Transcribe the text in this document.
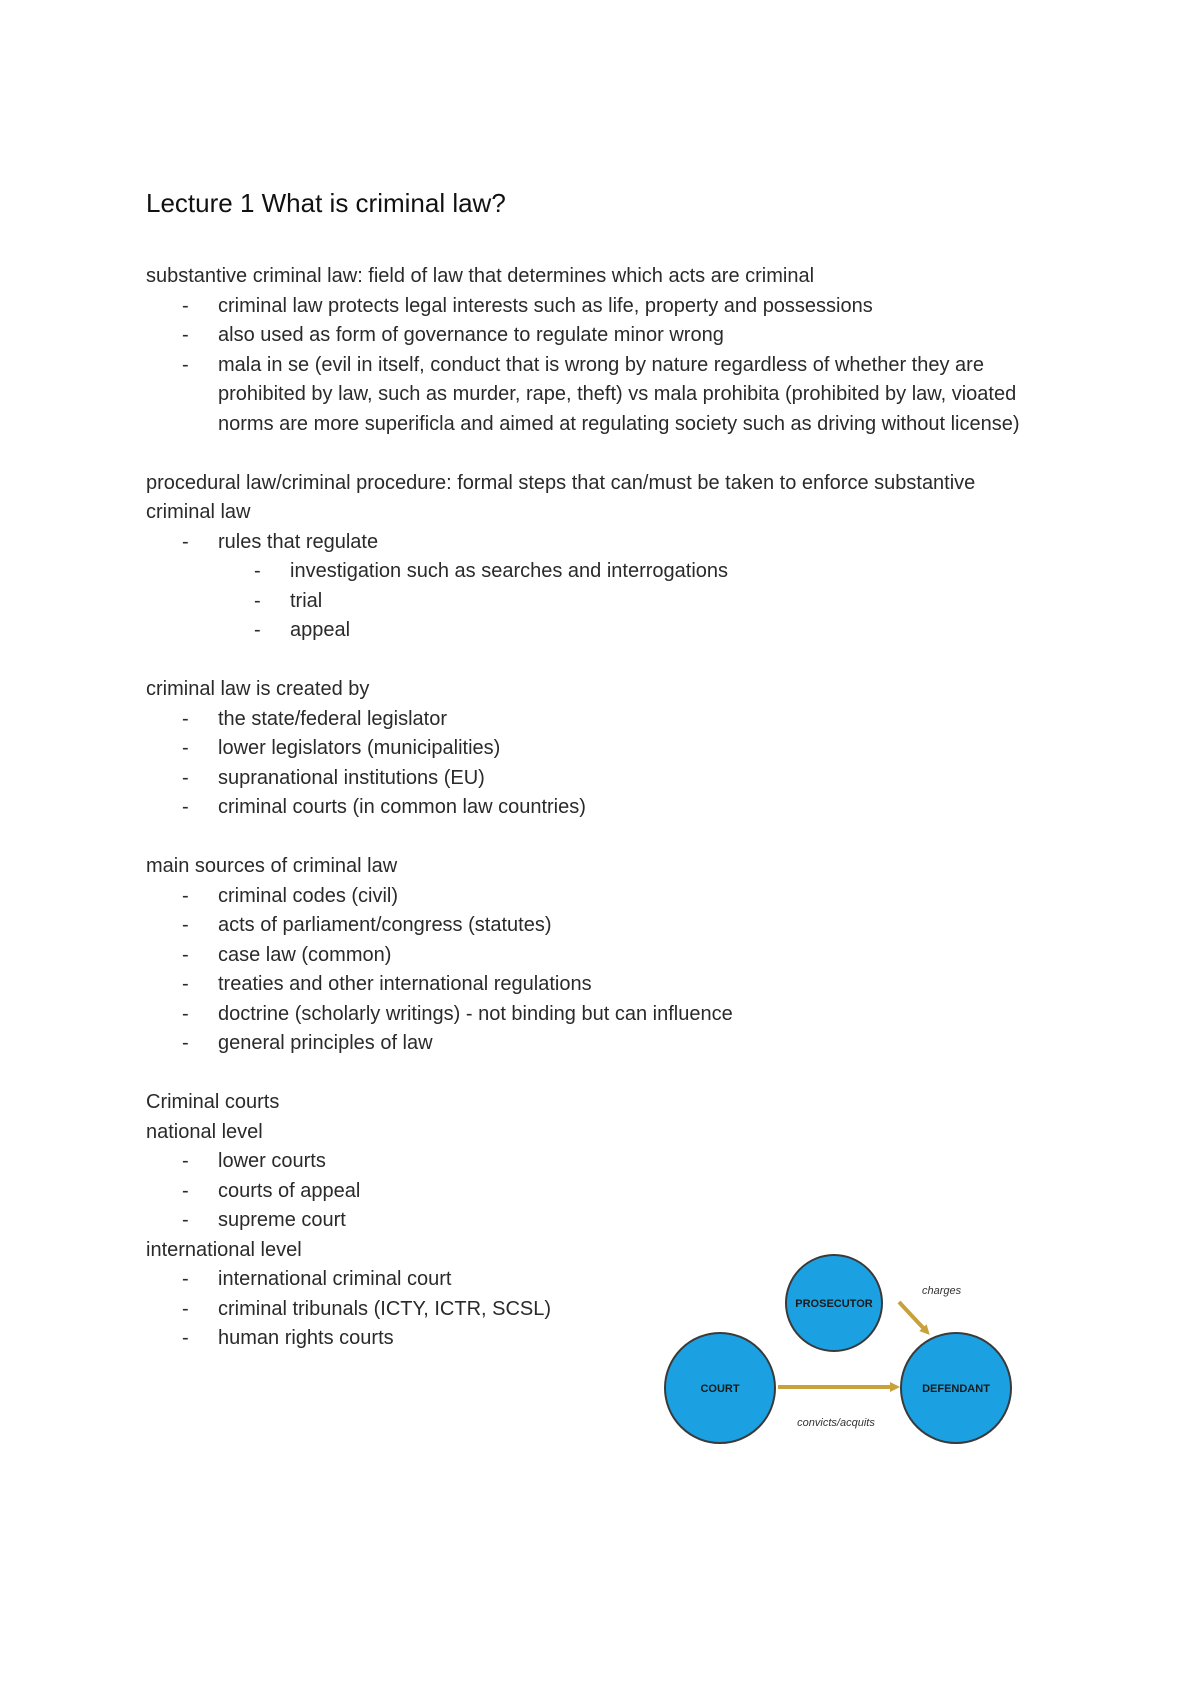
Lecture 1 What is criminal law?

substantive criminal law: field of law that determines which acts are criminal

- criminal law protects legal interests such as life, property and possessions
- also used as form of governance to regulate minor wrong
- mala in se (evil in itself, conduct that is wrong by nature regardless of whether they are prohibited by law, such as murder, rape, theft) vs mala prohibita (prohibited by law, vioated norms are more superificla and aimed at regulating society such as driving without license)

procedural law/criminal procedure: formal steps that can/must be taken to enforce substantive criminal law

- rules that regulate
- investigation such as searches and interrogations
- trial
- appeal

criminal law is created by

- the state/federal legislator
- lower legislators (municipalities)
- supranational institutions (EU)
- criminal courts (in common law countries)

main sources of criminal law

- criminal codes (civil)
- acts of parliament/congress (statutes)
- case law (common)
- treaties and other international regulations
- doctrine (scholarly writings) - not binding but can influence
- general principles of law

Criminal courts

national level

- lower courts
- courts of appeal
- supreme court

international level

- international criminal court
- criminal tribunals (ICTY, ICTR, SCSL)
- human rights courts
PROSECUTOR
COURT	DEFENDANT
charges
convicts/acquits
